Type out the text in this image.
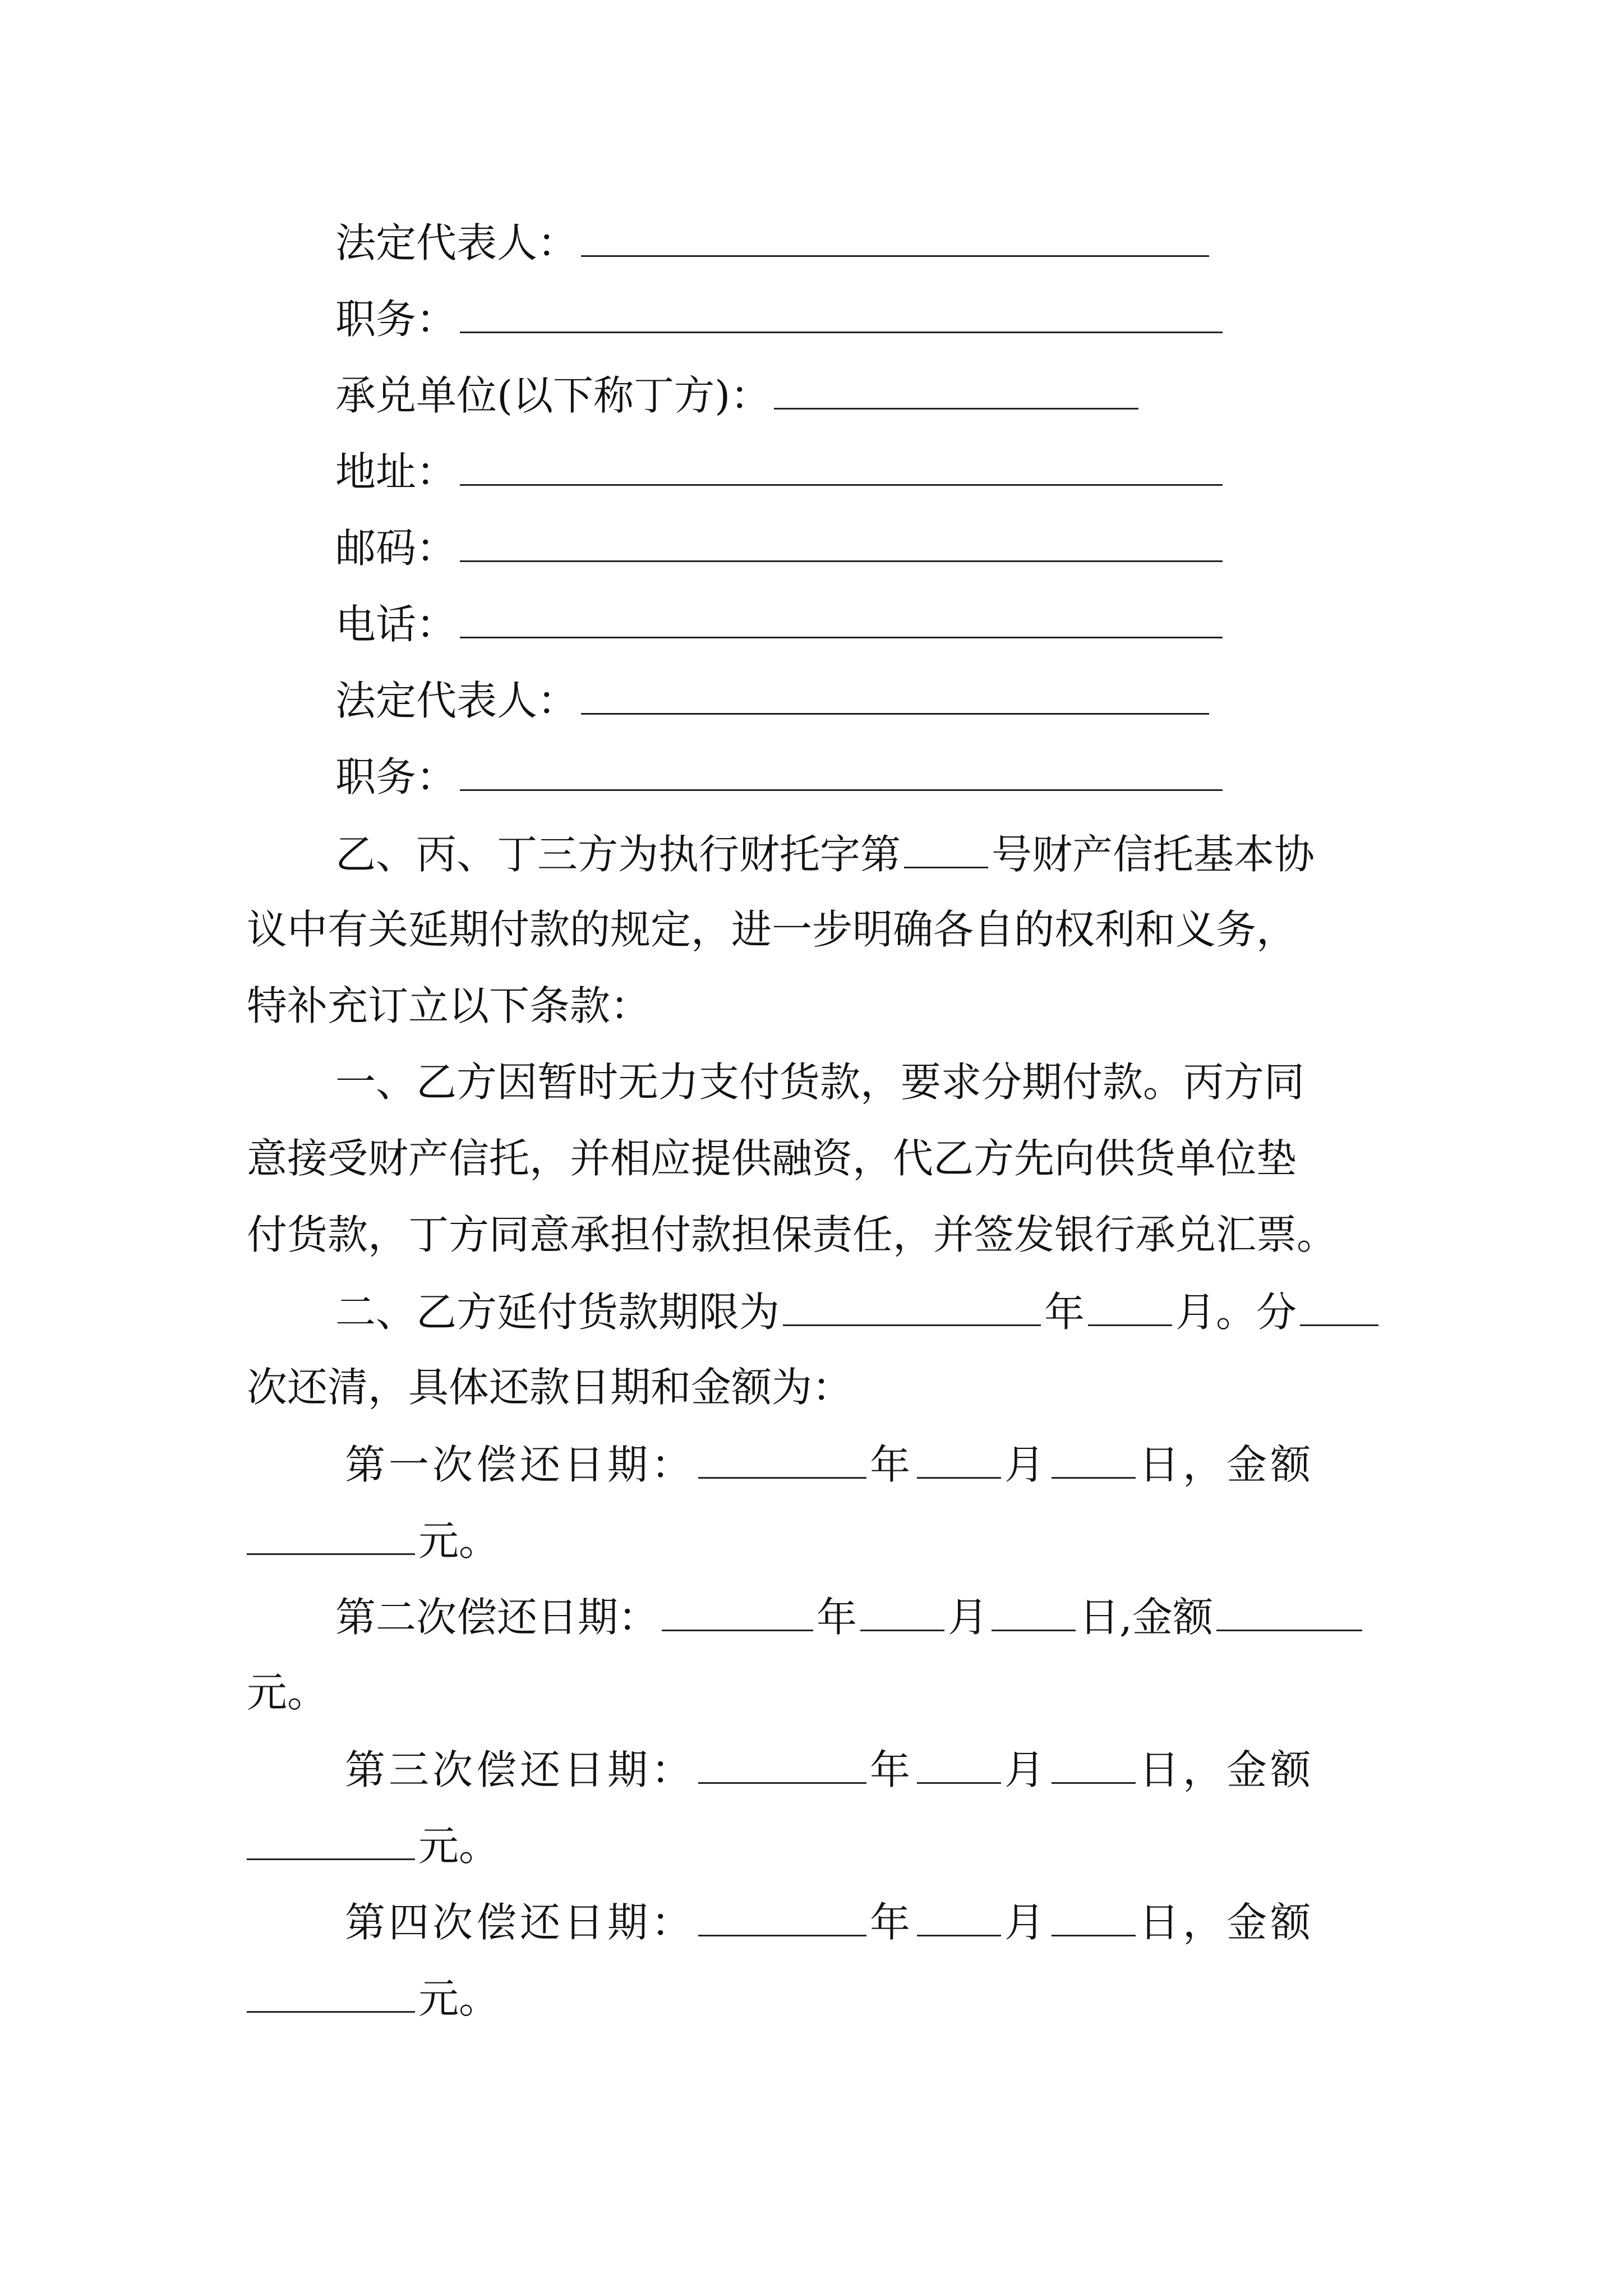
法定代表人：
职务：
承兑单位(以下称丁方)：
地址：
邮码：
电话：
法定代表人：
职务：
乙、丙、丁三方为执行财托字第 号财产信托基本协
议中有关延期付款的规定，进一步明确各自的权利和义务，
特补充订立以下条款：
一、乙方因暂时无力支付货款，要求分期付款。丙方同
意接受财产信托，并相应提供融资，代乙方先向供货单位垫
付货款，丁方同意承担付款担保责任，并签发银行承兑汇票。
二、乙方延付货款期限为	年 月。分
次还清，具体还款日期和金额为：
第一次偿还日期：	年 月 日， 金额
元。
第二次偿还日期：	年 月 日, 金额
元。
第三次偿还日期：	年 月 日， 金额
元。
第四次偿还日期：	年 月 日， 金额
元。
